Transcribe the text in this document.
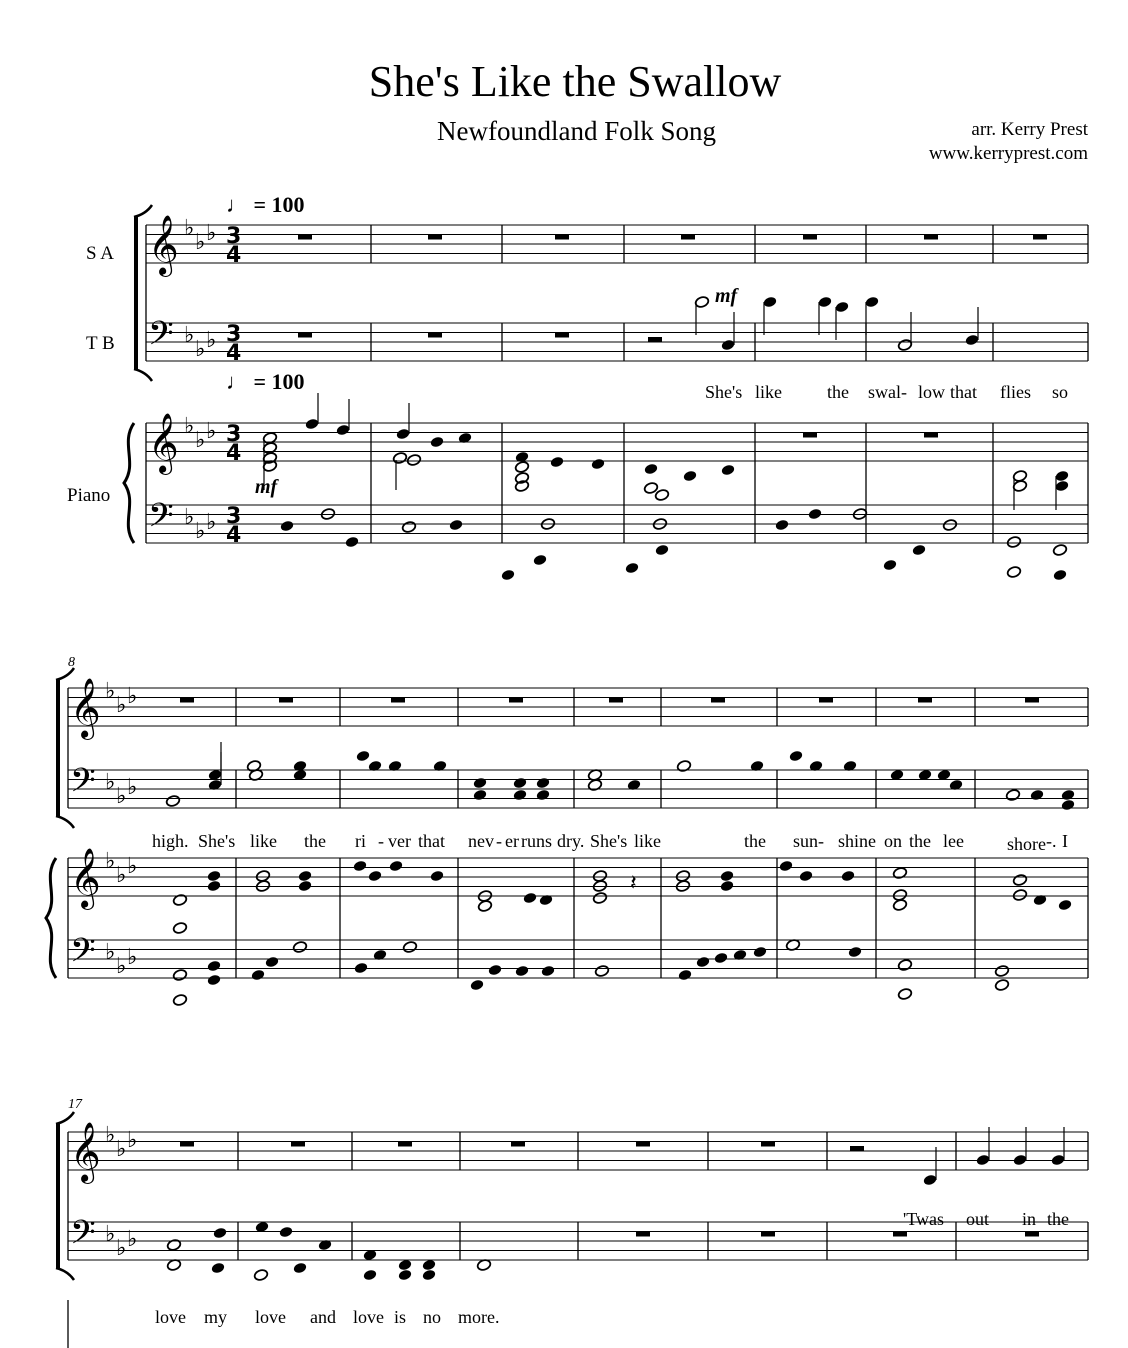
She's Like the Swallow
Newfoundland Folk Song	arr. Kerry Prest
www.kerryprest.com
♩ = 100
♩ = 100
S A
T B
Piano
mf
mf
8
17
She's like	the swal- low that flies so
high. She's like the ri - ver that nev - er runs dry. She's like	the sun- shine on the lee shore -. I
'Twas out in the
love my love and love is no more.
𝄞
𝄢
𝄞
𝄢
♭
♭ ♭
♭
♭ ♭
♭
♭ ♭
♭
♭ ♭
3
4
3
4
3
4
3
4
𝄞
𝄢
𝄞
𝄢
♭
♭ ♭
♭
♭ ♭
♭
♭ ♭
♭
♭ ♭
𝄽
𝄞
𝄢
♭
♭ ♭
♭
♭ ♭
